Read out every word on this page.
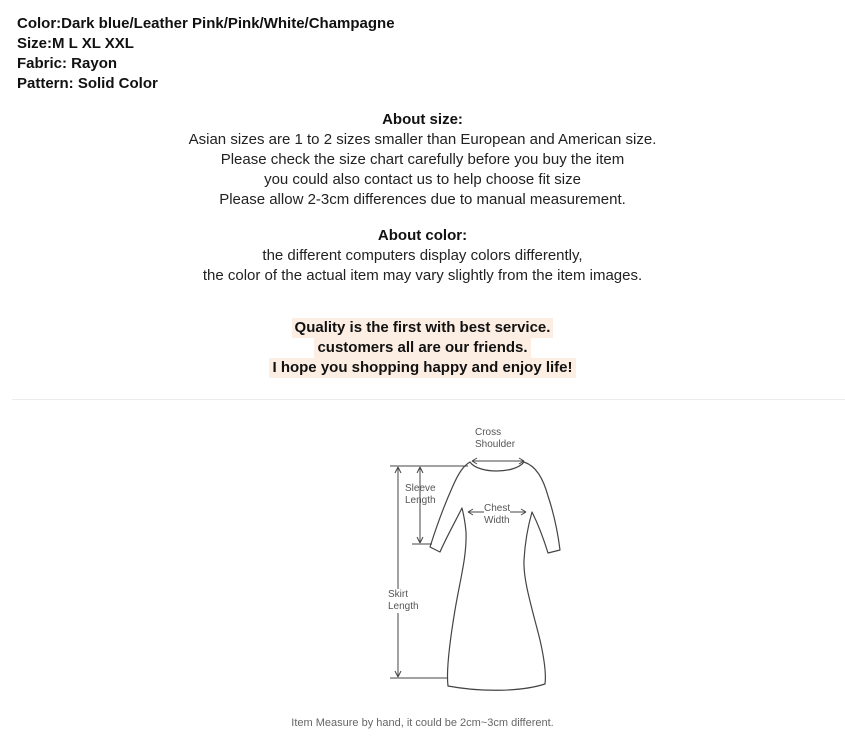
Color:Dark blue/Leather Pink/Pink/White/Champagne
Size:M L XL XXL
Fabric: Rayon
Pattern: Solid Color
About size:
Asian sizes are 1 to 2 sizes smaller than European and American size.
Please check the size chart carefully before you buy the item
you could also contact us to help choose fit size
Please allow 2-3cm differences due to manual measurement.
About color:
the different computers display colors differently,
the color of the actual item may vary slightly from the item images.
Quality is the first with best service.
customers all are our friends.
I hope you shopping happy and enjoy life!
Cross
Shoulder
Sleeve
Length
Chest
Width
Skirt
Length
Item Measure by hand, it could be 2cm~3cm different.
